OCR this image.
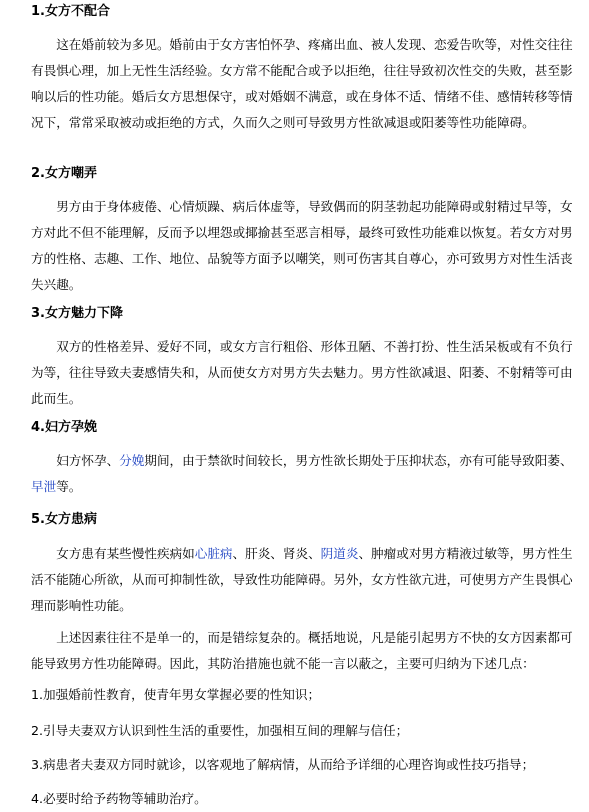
1.女方不配合

这在婚前较为多见。婚前由于女方害怕怀孕、疼痛出血、被人发现、恋爱告吹等，对性交往往有畏惧心理，加上无性生活经验。女方常不能配合或予以拒绝，往往导致初次性交的失败，甚至影响以后的性功能。婚后女方思想保守，或对婚姻不满意，或在身体不适、情绪不佳、感情转移等情况下，常常采取被动或拒绝的方式，久而久之则可导致男方性欲减退或阳萎等性功能障碍。

2.女方嘲弄

男方由于身体疲倦、心情烦躁、病后体虚等，导致偶而的阴茎勃起功能障碍或射精过早等，女方对此不但不能理解，反而予以埋怨或揶揄甚至恶言相辱，最终可致性功能难以恢复。若女方对男方的性格、志趣、工作、地位、品貌等方面予以嘲笑，则可伤害其自尊心，亦可致男方对性生活丧失兴趣。

3.女方魅力下降

双方的性格差异、爱好不同，或女方言行粗俗、形体丑陋、不善打扮、性生活呆板或有不负行为等，往往导致夫妻感情失和，从而使女方对男方失去魅力。男方性欲减退、阳萎、不射精等可由此而生。

4.妇方孕娩

妇方怀孕、分娩期间，由于禁欲时间较长，男方性欲长期处于压抑状态，亦有可能导致阳萎、早泄等。

5.女方患病

女方患有某些慢性疾病如心脏病、肝炎、肾炎、阴道炎、肿瘤或对男方精液过敏等，男方性生活不能随心所欲，从而可抑制性欲，导致性功能障碍。另外，女方性欲亢进，可使男方产生畏惧心理而影响性功能。

上述因素往往不是单一的，而是错综复杂的。概括地说，凡是能引起男方不快的女方因素都可能导致男方性功能障碍。因此，其防治措施也就不能一言以蔽之，主要可归纳为下述几点：

1.加强婚前性教育，使青年男女掌握必要的性知识；
2.引导夫妻双方认识到性生活的重要性，加强相互间的理解与信任；
3.病患者夫妻双方同时就诊，以客观地了解病情，从而给予详细的心理咨询或性技巧指导；
4.必要时给予药物等辅助治疗。
